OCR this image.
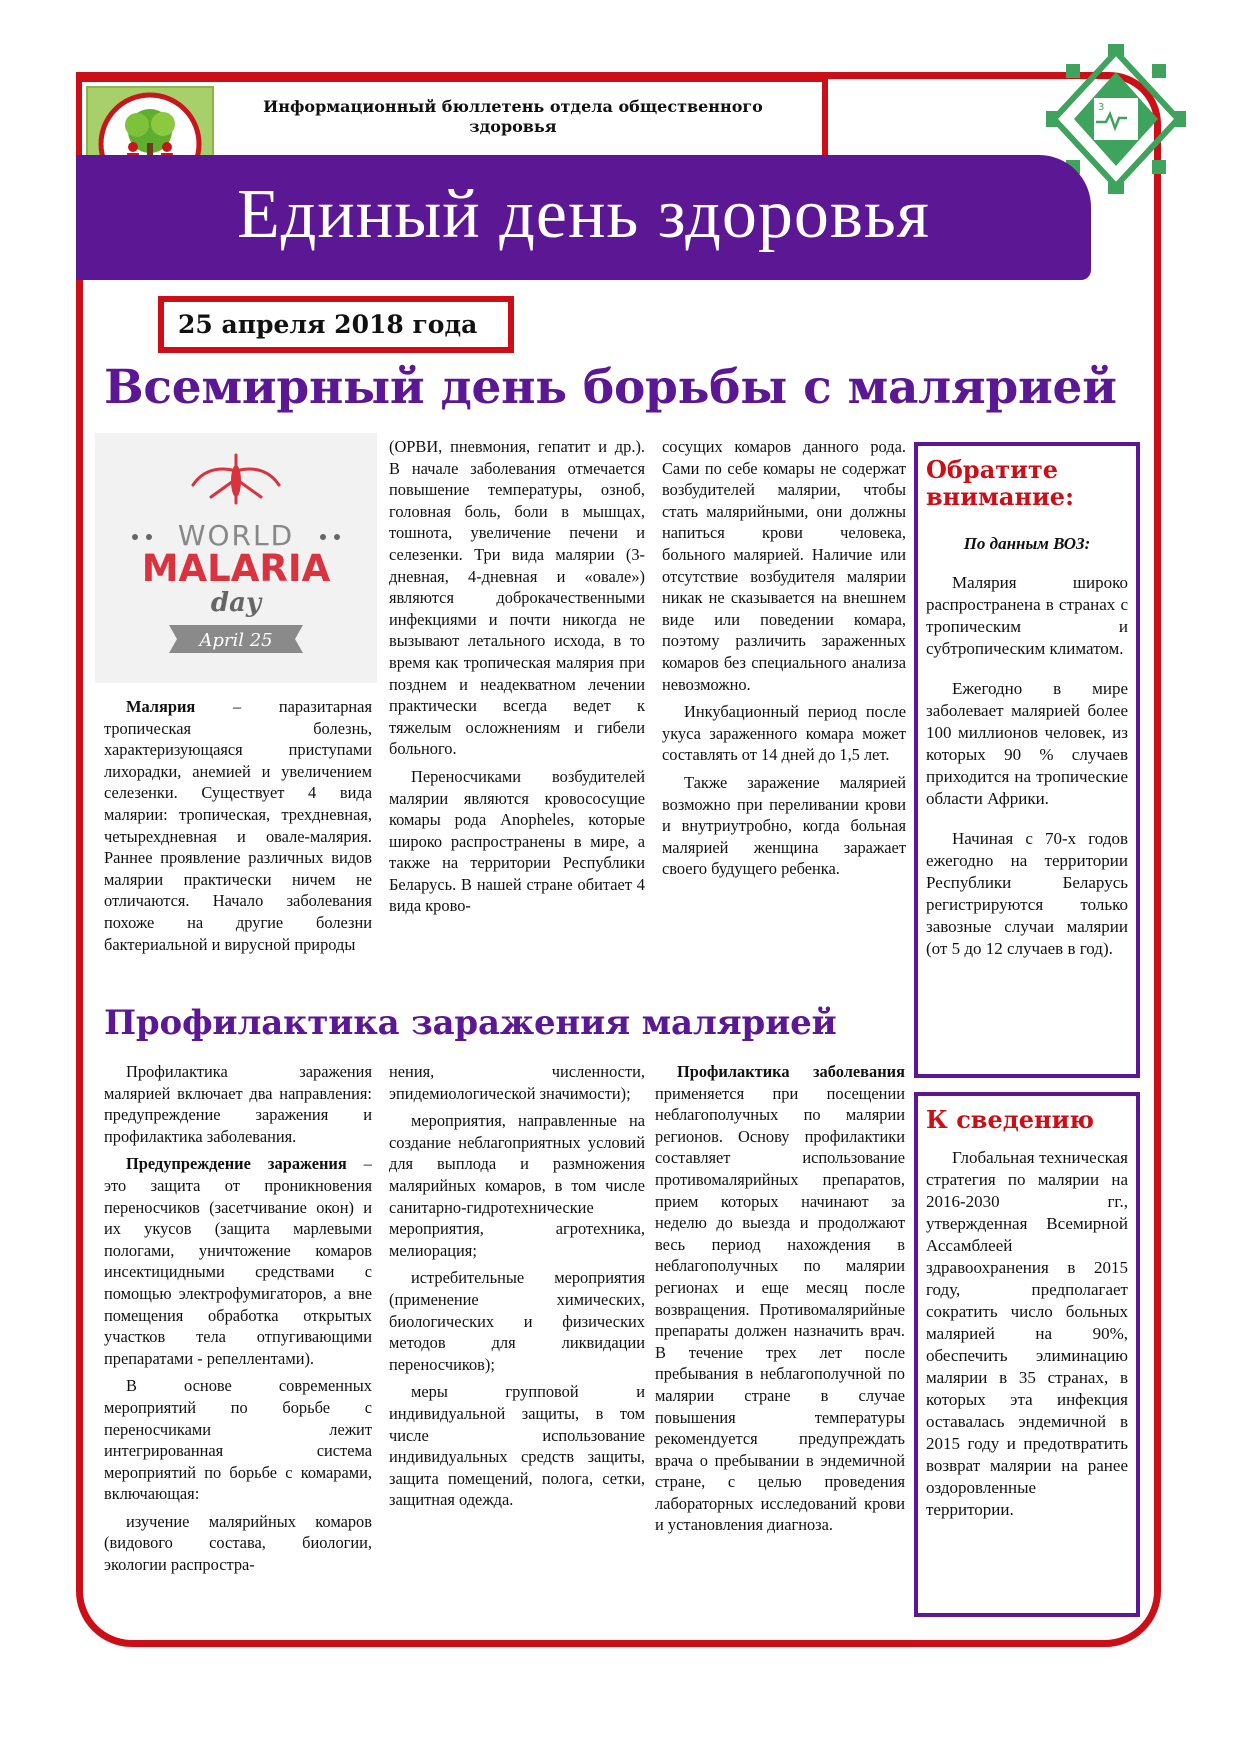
Информационный бюллетень отдела общественного здоровья
3
Единый день здоровья
25 апреля 2018 года
Всемирный день борьбы с малярией
WORLD
MALARIA
day
April 25

Малярия – паразитарная тропическая болезнь, характеризующаяся приступами лихорадки, анемией и увеличением селезенки. Существует 4 вида малярии: тропическая, трехдневная, четырехдневная и овале-малярия. Раннее проявление различных видов малярии практически ничем не отличаются. Начало заболевания похоже на другие болезни бактериальной и вирусной природы

(ОРВИ, пневмония, гепатит и др.). В начале заболевания отмечается повышение температуры, озноб, головная боль, боли в мышцах, тошнота, увеличение печени и селезенки. Три вида малярии (3-дневная, 4-дневная и «овале») являются доброкачественными инфекциями и почти никогда не вызывают летального исхода, в то время как тропическая малярия при позднем и неадекватном лечении практически всегда ведет к тяжелым осложнениям и гибели больного.

Переносчиками возбудителей малярии являются кровососущие комары рода Anopheles, которые широко распространены в мире, а также на территории Республики Беларусь. В нашей стране обитает 4 вида крово-

сосущих комаров данного рода. Сами по себе комары не содержат возбудителей малярии, чтобы стать малярийными, они должны напиться крови человека, больного малярией. Наличие или отсутствие возбудителя малярии никак не сказывается на внешнем виде или поведении комара, поэтому различить зараженных комаров без специального анализа невозможно.

Инкубационный период после укуса зараженного комара может составлять от 14 дней до 1,5 лет.

Также заражение малярией возможно при переливании крови и внутриутробно, когда больная малярией женщина заражает своего будущего ребенка.

Профилактика заражения малярией

Профилактика заражения малярией включает два направления: предупреждение заражения и профилактика заболевания.

Предупреждение заражения – это защита от проникновения переносчиков (засетчивание окон) и их укусов (защита марлевыми пологами, уничтожение комаров инсектицидными средствами с помощью электрофумигаторов, а вне помещения обработка открытых участков тела отпугивающими препаратами - репеллентами).

В основе современных мероприятий по борьбе с переносчиками лежит интегрированная система мероприятий по борьбе с комарами, включающая:

изучение малярийных комаров (видового состава, биологии, экологии распростра-

нения, численности, эпидемиологической значимости);

мероприятия, направленные на создание неблагоприятных условий для выплода и размножения малярийных комаров, в том числе санитарно-гидротехнические мероприятия, агротехника, мелиорация;

истребительные мероприятия (применение химических, биологических и физических методов для ликвидации переносчиков);

меры групповой и индивидуальной защиты, в том числе использование индивидуальных средств защиты, защита помещений, полога, сетки, защитная одежда.

Профилактика заболевания применяется при посещении неблагополучных по малярии регионов. Основу профилактики составляет использование противомалярийных препаратов, прием которых начинают за неделю до выезда и продолжают весь период нахождения в неблагополучных по малярии регионах и еще месяц после возвращения. Противомалярийные препараты должен назначить врач. В течение трех лет после пребывания в неблагополучной по малярии стране в случае повышения температуры рекомендуется предупреждать врача о пребывании в эндемичной стране, с целью проведения лабораторных исследований крови и установления диагноза.

Обратите внимание:
По данным ВОЗ:

Малярия широко распространена в странах с тропическим и субтропическим климатом.

Ежегодно в мире заболевает малярией более 100 миллионов человек, из которых 90 % случаев приходится на тропические области Африки.

Начиная с 70-х годов ежегодно на территории Республики Беларусь регистрируются только завозные случаи малярии (от 5 до 12 случаев в год).

К сведению

Глобальная техническая стратегия по малярии на 2016-2030 гг., утвержденная Всемирной Ассамблеей здравоохранения в 2015 году, предполагает сократить число больных малярией на 90%, обеспечить элиминацию малярии в 35 странах, в которых эта инфекция оставалась эндемичной в 2015 году и предотвратить возврат малярии на ранее оздоровленные территории.
